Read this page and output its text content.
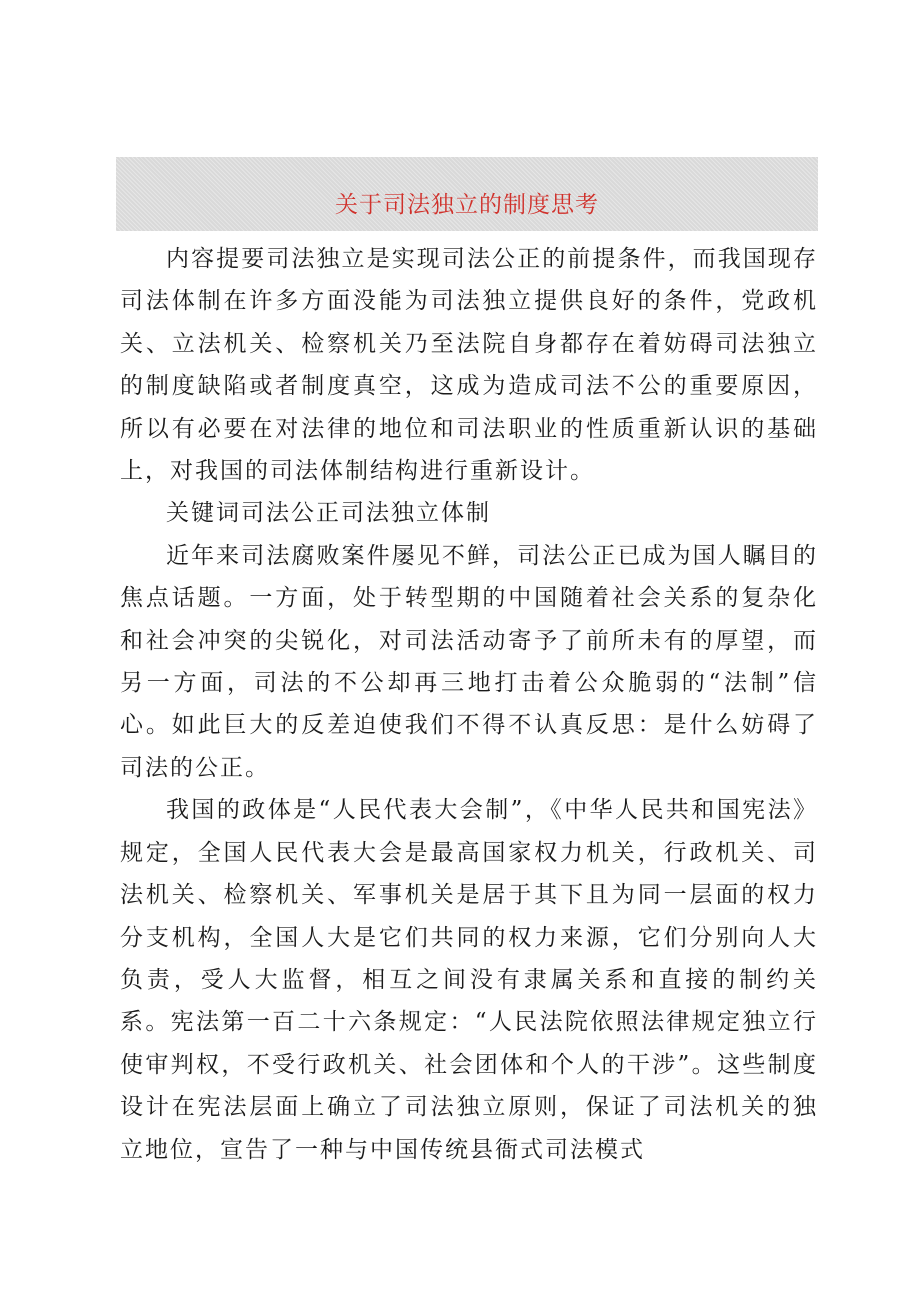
关于司法独立的制度思考

内容提要司法独立是实现司法公正的前提条件，而我国现存司法体制在许多方面没能为司法独立提供良好的条件，党政机关、立法机关、检察机关乃至法院自身都存在着妨碍司法独立的制度缺陷或者制度真空，这成为造成司法不公的重要原因，所以有必要在对法律的地位和司法职业的性质重新认识的基础上，对我国的司法体制结构进行重新设计。

关键词司法公正司法独立体制

近年来司法腐败案件屡见不鲜，司法公正已成为国人瞩目的焦点话题。一方面，处于转型期的中国随着社会关系的复杂化和社会冲突的尖锐化，对司法活动寄予了前所未有的厚望，而另一方面，司法的不公却再三地打击着公众脆弱的“法制”信心。如此巨大的反差迫使我们不得不认真反思：是什么妨碍了司法的公正。

我国的政体是“人民代表大会制”，《中华人民共和国宪法》规定，全国人民代表大会是最高国家权力机关，行政机关、司法机关、检察机关、军事机关是居于其下且为同一层面的权力分支机构，全国人大是它们共同的权力来源，它们分别向人大负责，受人大监督，相互之间没有隶属关系和直接的制约关系。宪法第一百二十六条规定：“人民法院依照法律规定独立行使审判权，不受行政机关、社会团体和个人的干涉”。这些制度设计在宪法层面上确立了司法独立原则，保证了司法机关的独立地位，宣告了一种与中国传统县衙式司法模式
